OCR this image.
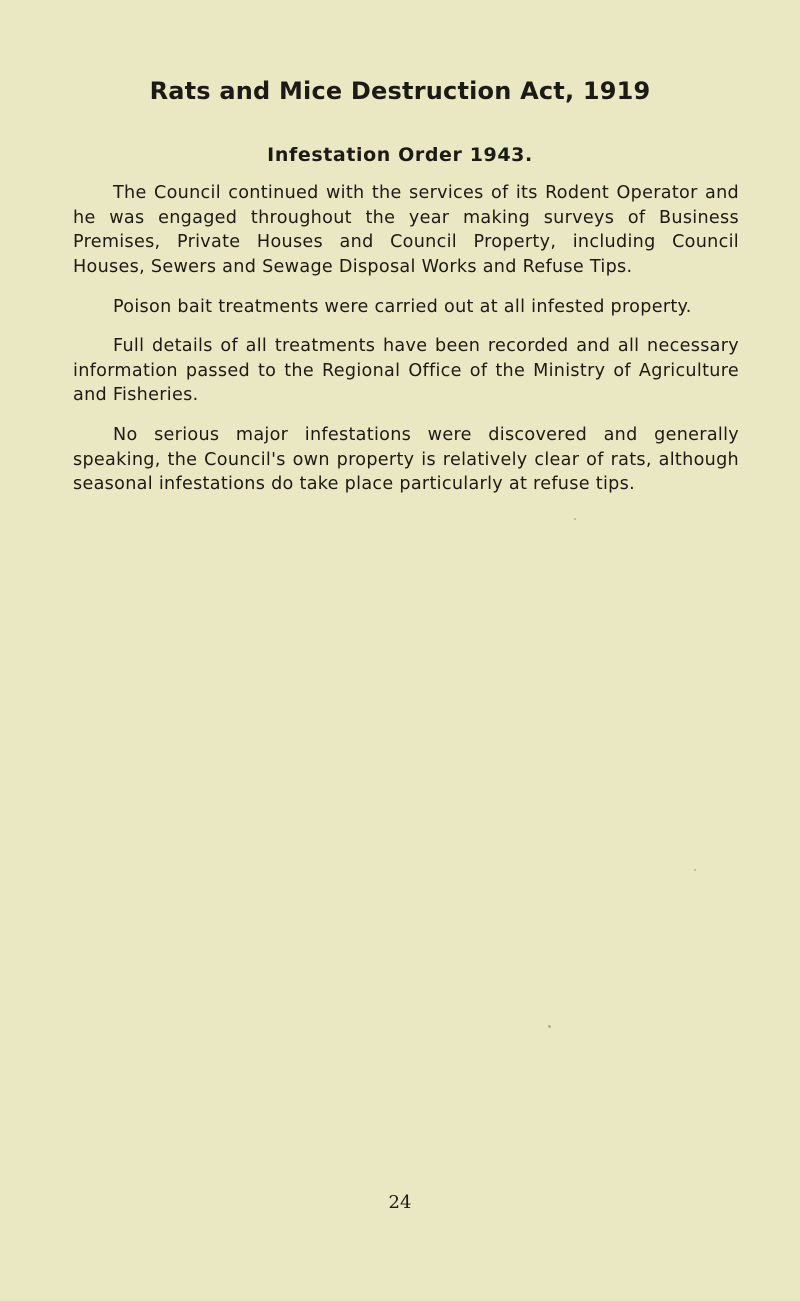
Rats and Mice Destruction Act, 1919
Infestation Order 1943.

The Council continued with the services of its Rodent Operator and he was engaged throughout the year making surveys of Business Premises, Private Houses and Council Property, including Council Houses, Sewers and Sewage Disposal Works and Refuse Tips.

Poison bait treatments were carried out at all infested property.

Full details of all treatments have been recorded and all necessary information passed to the Regional Office of the Ministry of Agriculture and Fisheries.

No serious major infestations were discovered and generally speaking, the Council's own property is relatively clear of rats, although seasonal infestations do take place particularly at refuse tips.

24
